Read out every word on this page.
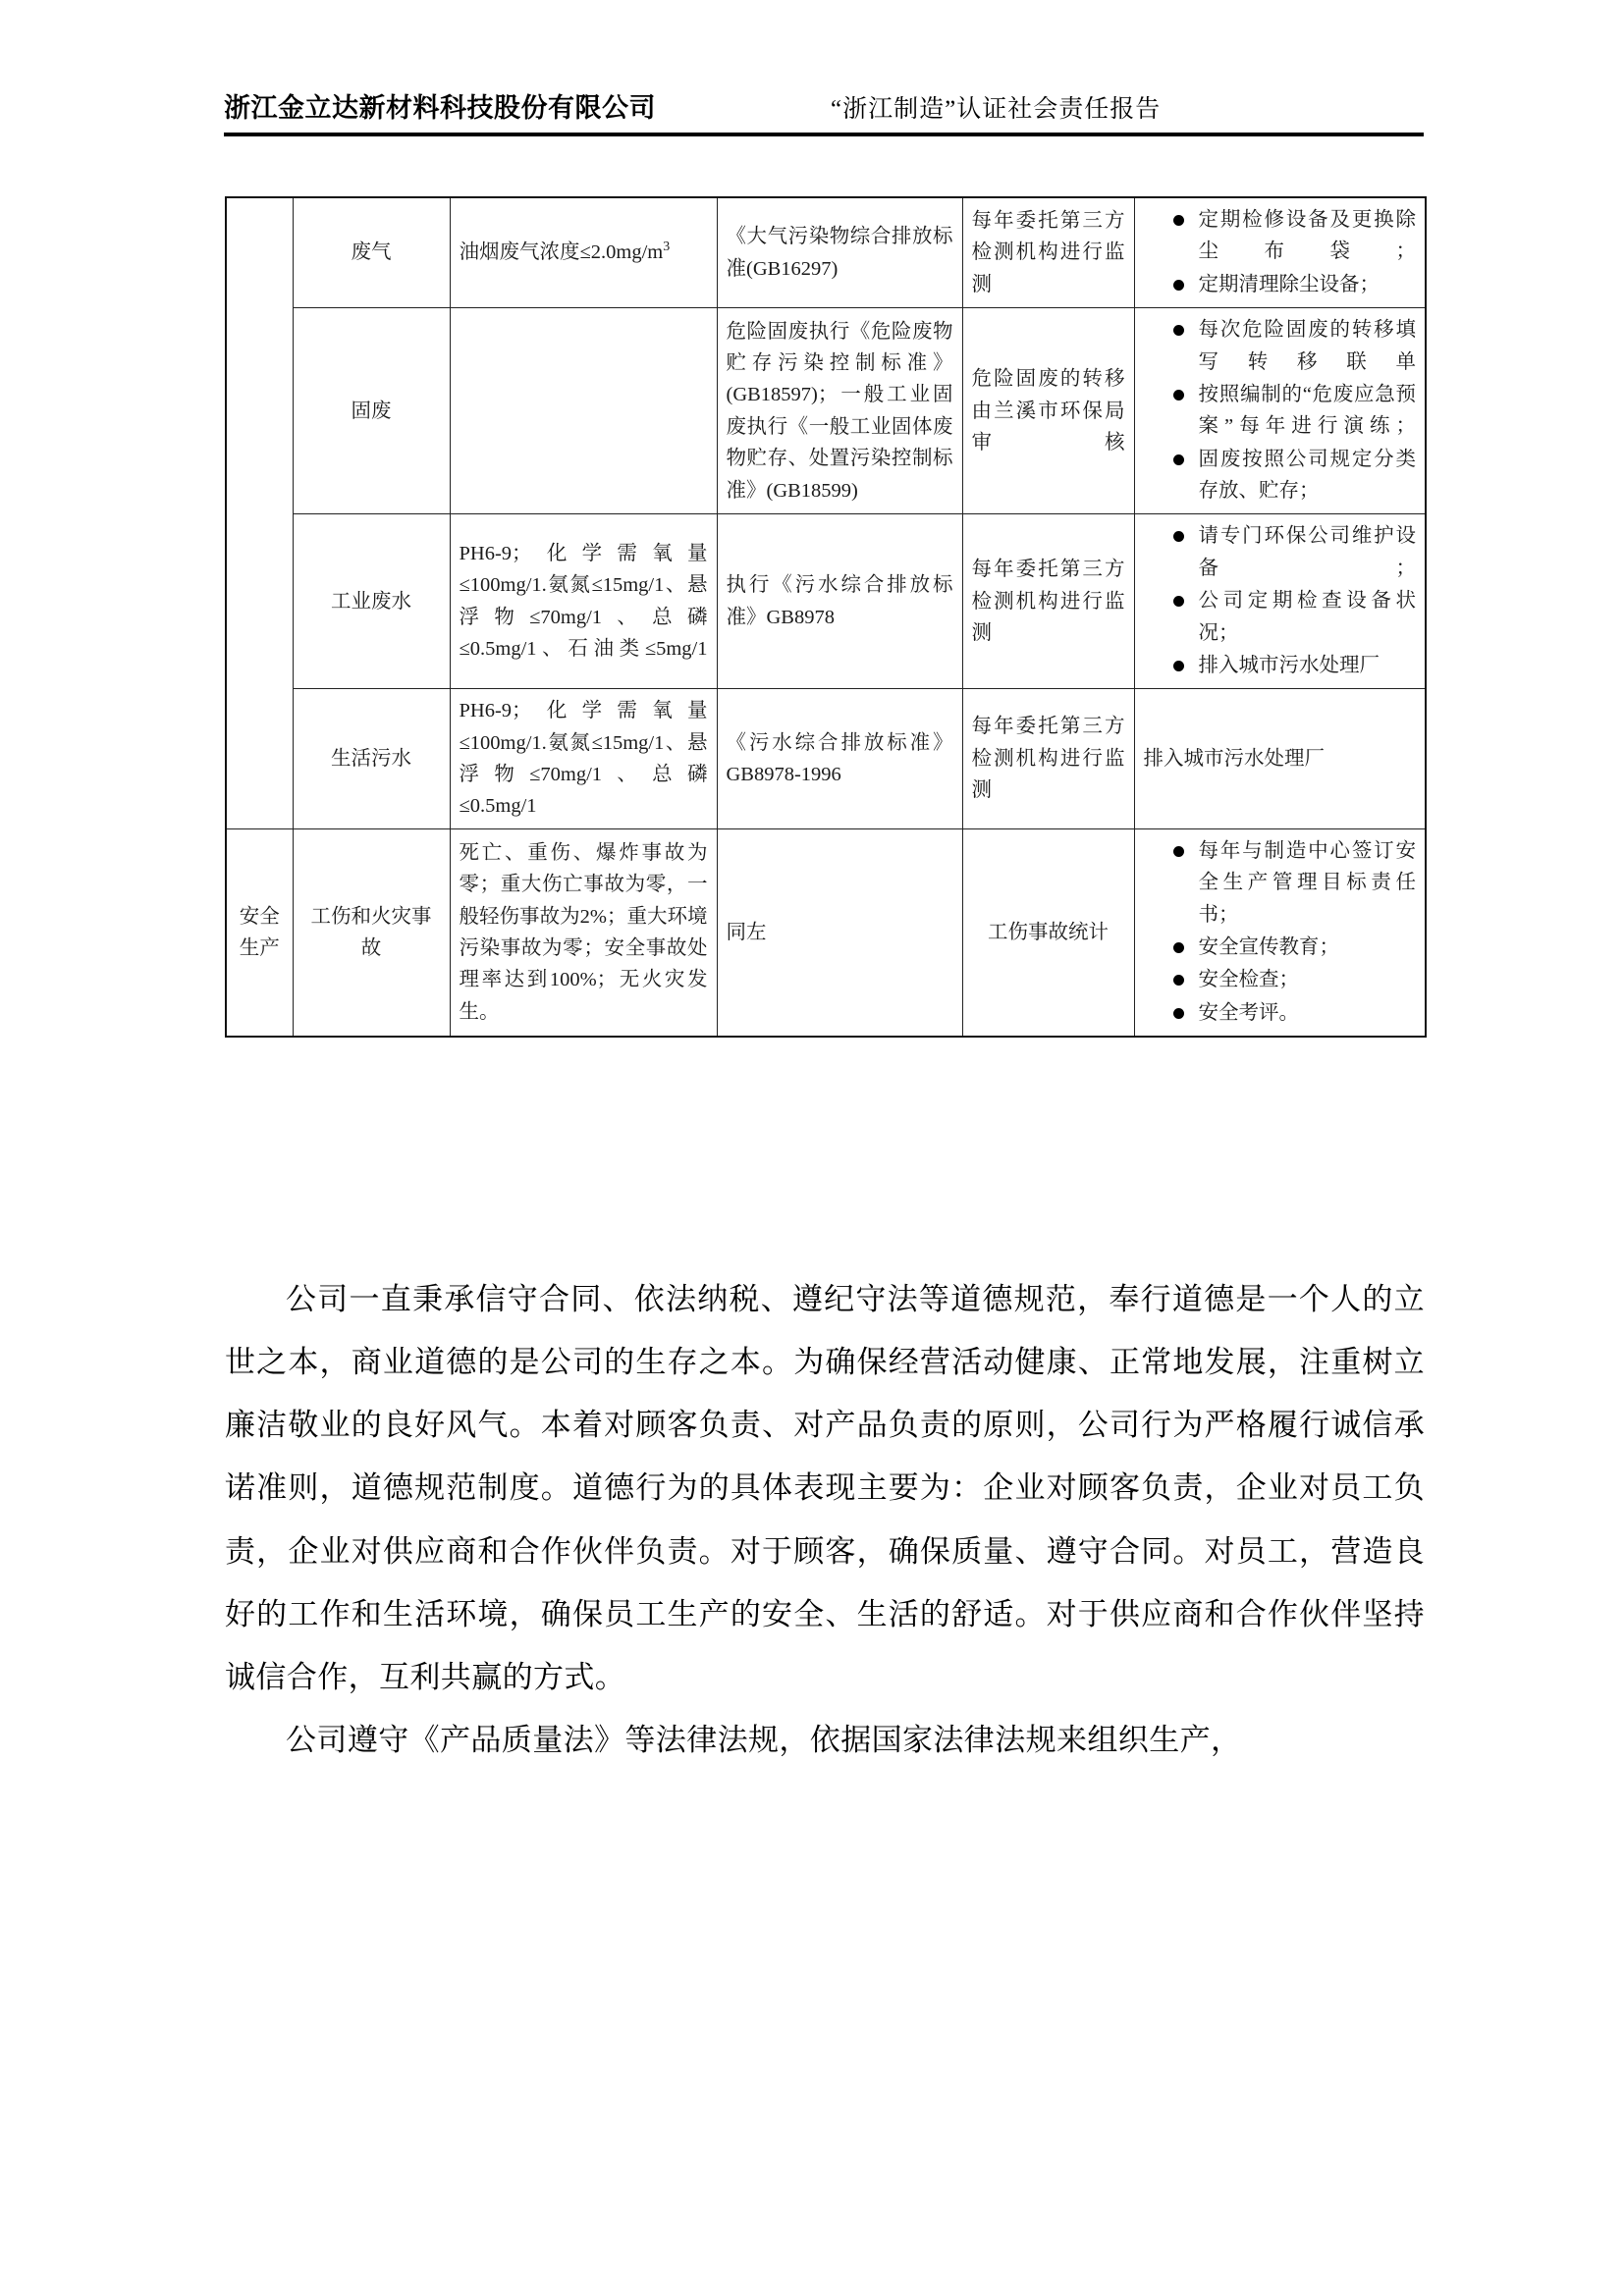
浙江金立达新材料科技股份有限公司	“浙江制造”认证社会责任报告
	废气	油烟废气浓度$\le 2.0mg/m^3$	《大气污染物综合排放标准(GB16297)	每年委托第三方检测机构进行监测	
定期检修设备及更换除尘布袋；
定期清理除尘设备；

固废		危险固废执行《危险废物贮存污染控制标准》(GB18597)；一般工业固废执行《一般工业固体废物贮存、处置污染控制标准》(GB18599)	危险固废的转移由兰溪市环保局审核	
每次危险固废的转移填写转移联单
按照编制的“危废应急预案”每年进行演练；
固废按照公司规定分类存放、贮存；

工业废水	PH6-9；化学需氧量≤100mg/1.氨氮≤15mg/1、悬浮物≤70mg/1、总磷≤0.5mg/1、石油类≤5mg/1	执行《污水综合排放标准》GB8978	每年委托第三方检测机构进行监测	
请专门环保公司维护设备；
公司定期检查设备状况；
排入城市污水处理厂

	生活污水	PH6-9；化学需氧量≤100mg/1.氨氮≤15mg/1、悬浮物≤70mg/1、总磷≤0.5mg/1	《污水综合排放标准》GB8978-1996	每年委托第三方检测机构进行监测	排入城市污水处理厂
安全生产	工伤和火灾事故	死亡、重伤、爆炸事故为零；重大伤亡事故为零，一般轻伤事故为2%；重大环境污染事故为零；安全事故处理率达到100%；无火灾发生。	同左	工伤事故统计	
每年与制造中心签订安全生产管理目标责任书；
安全宣传教育；
安全检查；
安全考评。

公司一直秉承信守合同、依法纳税、遵纪守法等道德规范，奉行道德是一个人的立世之本，商业道德的是公司的生存之本。为确保经营活动健康、正常地发展，注重树立廉洁敬业的良好风气。本着对顾客负责、对产品负责的原则，公司行为严格履行诚信承诺准则，道德规范制度。道德行为的具体表现主要为：企业对顾客负责，企业对员工负责，企业对供应商和合作伙伴负责。对于顾客，确保质量、遵守合同。对员工，营造良好的工作和生活环境，确保员工生产的安全、生活的舒适。对于供应商和合作伙伴坚持诚信合作，互利共赢的方式。

公司遵守《产品质量法》等法律法规，依据国家法律法规来组织生产，
